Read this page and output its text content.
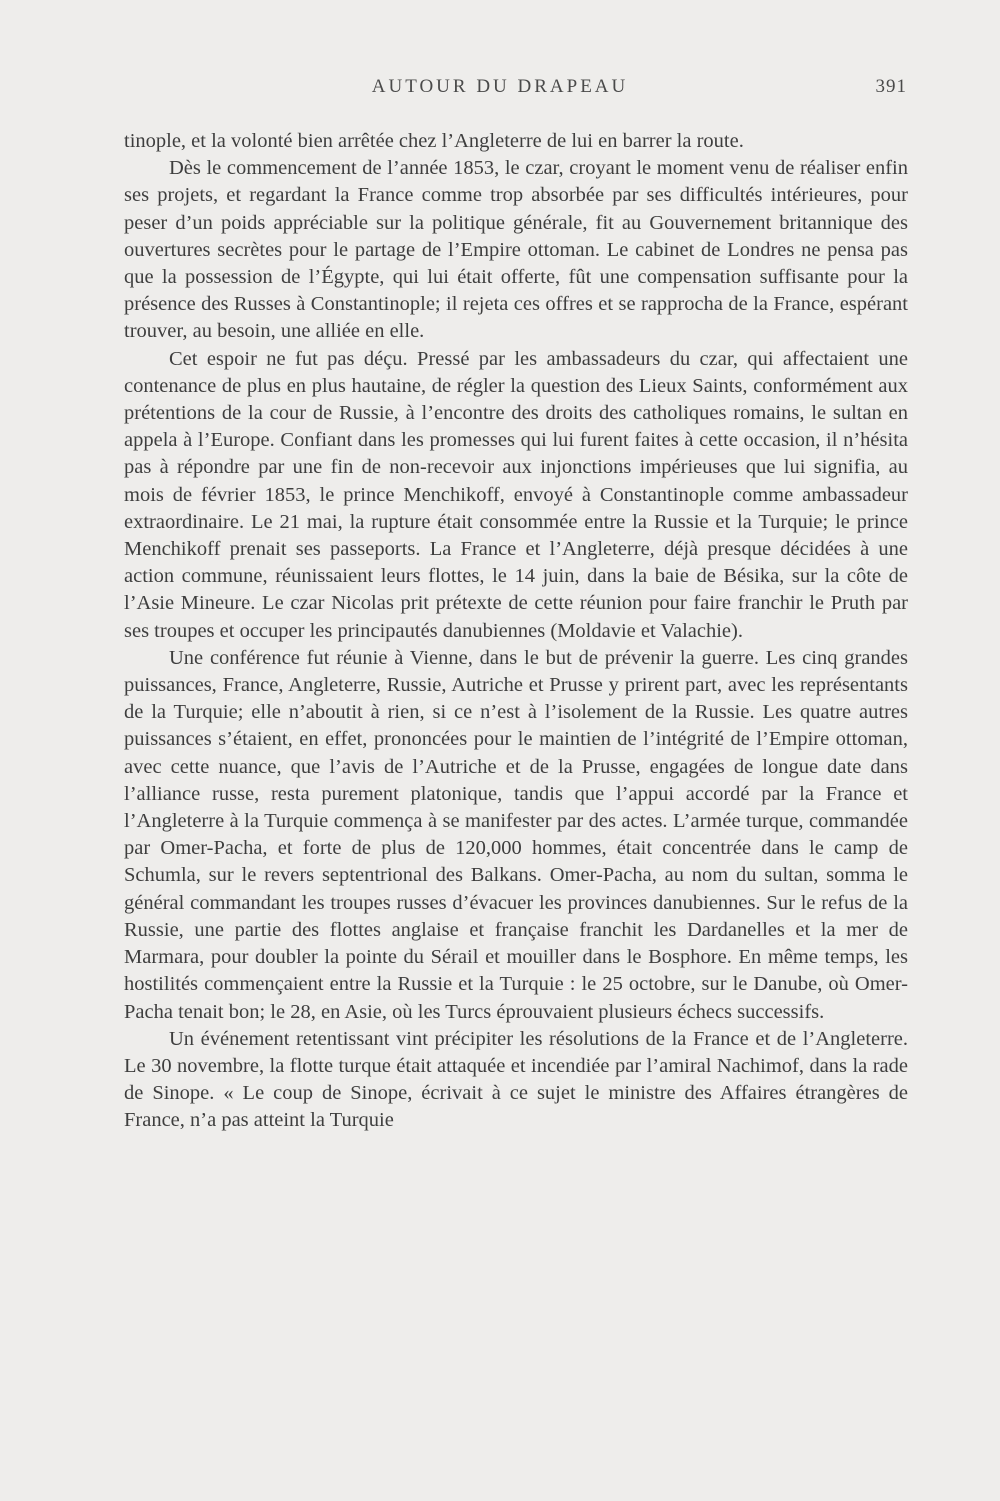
AUTOUR DU DRAPEAU	391

tinople, et la volonté bien arrêtée chez l’Angleterre de lui en barrer la route.

Dès le commencement de l’année 1853, le czar, croyant le moment venu de réaliser enfin ses projets, et regardant la France comme trop absorbée par ses difficultés intérieures, pour peser d’un poids appréciable sur la politique générale, fit au Gouvernement britannique des ouvertures secrètes pour le partage de l’Empire ottoman. Le cabinet de Londres ne pensa pas que la possession de l’Égypte, qui lui était offerte, fût une compensation suffisante pour la présence des Russes à Constantinople; il rejeta ces offres et se rapprocha de la France, espérant trouver, au besoin, une alliée en elle.

Cet espoir ne fut pas déçu. Pressé par les ambassadeurs du czar, qui affectaient une contenance de plus en plus hautaine, de régler la question des Lieux Saints, conformément aux prétentions de la cour de Russie, à l’encontre des droits des catholiques romains, le sultan en appela à l’Europe. Confiant dans les promesses qui lui furent faites à cette occasion, il n’hésita pas à répondre par une fin de non-recevoir aux injonctions impérieuses que lui signifia, au mois de février 1853, le prince Menchikoff, envoyé à Constantinople comme ambassadeur extraordinaire. Le 21 mai, la rupture était consommée entre la Russie et la Turquie; le prince Menchikoff prenait ses passeports. La France et l’Angleterre, déjà presque décidées à une action commune, réunissaient leurs flottes, le 14 juin, dans la baie de Bésika, sur la côte de l’Asie Mineure. Le czar Nicolas prit prétexte de cette réunion pour faire franchir le Pruth par ses troupes et occuper les principautés danubiennes (Moldavie et Valachie).

Une conférence fut réunie à Vienne, dans le but de prévenir la guerre. Les cinq grandes puissances, France, Angleterre, Russie, Autriche et Prusse y prirent part, avec les représentants de la Turquie; elle n’aboutit à rien, si ce n’est à l’isolement de la Russie. Les quatre autres puissances s’étaient, en effet, prononcées pour le maintien de l’intégrité de l’Empire ottoman, avec cette nuance, que l’avis de l’Autriche et de la Prusse, engagées de longue date dans l’alliance russe, resta purement platonique, tandis que l’appui accordé par la France et l’Angleterre à la Turquie commença à se manifester par des actes. L’armée turque, commandée par Omer-Pacha, et forte de plus de 120,000 hommes, était concentrée dans le camp de Schumla, sur le revers septentrional des Balkans. Omer-Pacha, au nom du sultan, somma le général commandant les troupes russes d’évacuer les provinces danubiennes. Sur le refus de la Russie, une partie des flottes anglaise et française franchit les Dardanelles et la mer de Marmara, pour doubler la pointe du Sérail et mouiller dans le Bosphore. En même temps, les hostilités commençaient entre la Russie et la Turquie : le 25 octobre, sur le Danube, où Omer-Pacha tenait bon; le 28, en Asie, où les Turcs éprouvaient plusieurs échecs successifs.

Un événement retentissant vint précipiter les résolutions de la France et de l’Angleterre. Le 30 novembre, la flotte turque était attaquée et incendiée par l’amiral Nachimof, dans la rade de Sinope. « Le coup de Sinope, écrivait à ce sujet le ministre des Affaires étrangères de France, n’a pas atteint la Turquie
